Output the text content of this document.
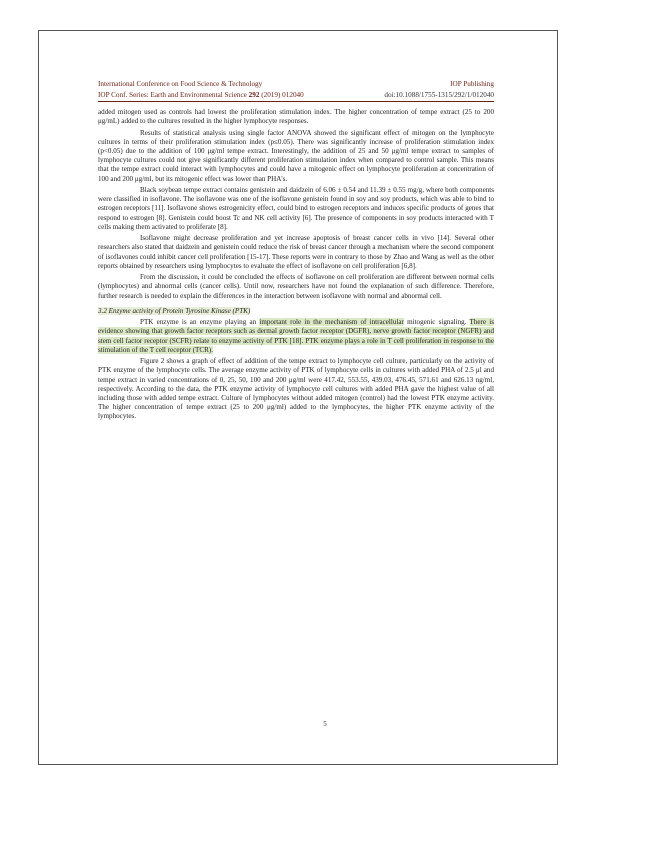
International Conference on Food Science & Technology	IOP Publishing
IOP Conf. Series: Earth and Environmental Science 292 (2019) 012040	doi:10.1088/1755-1315/292/1/012040

added mitogen used as controls had lowest the proliferation stimulation index. The higher concentration of tempe extract (25 to 200 μg/mL) added to the cultures resulted in the higher lymphocyte responses.

Results of statistical analysis using single factor ANOVA showed the significant effect of mitogen on the lymphocyte cultures in terms of their proliferation stimulation index (p≤0.05). There was significantly increase of proliferation stimulation index (p<0.05) due to the addition of 100 μg/ml tempe extract. Interestingly, the addition of 25 and 50 μg/ml tempe extract to samples of lymphocyte cultures could not give significantly different proliferation stimulation index when compared to control sample. This means that the tempe extract could interact with lymphocytes and could have a mitogenic effect on lymphocyte proliferation at concentration of 100 and 200 μg/ml, but its mitogenic effect was lower than PHA's.

Black soybean tempe extract contains genistein and daidzein of 6.06 ± 0.54 and 11.39 ± 0.55 mg/g, where both components were classified in isoflavone. The isoflavone was one of the isoflavone genistein found in soy and soy products, which was able to bind to estrogen receptors [11]. Isoflavone shows estrogenicity effect, could bind to estrogen receptors and induces specific products of genes that respond to estrogen [8]. Genistein could boost Tc and NK cell activity [6]. The presence of components in soy products interacted with T cells making them activated to proliferate [8].

Isoflavone might decrease proliferation and yet increase apoptosis of breast cancer cells in vivo [14]. Several other researchers also stated that daidzein and genistein could reduce the risk of breast cancer through a mechanism where the second component of isoflavones could inhibit cancer cell proliferation [15-17]. These reports were in contrary to those by Zhao and Wang as well as the other reports obtained by researchers using lymphocytes to evaluate the effect of isoflavone on cell proliferation [6,8].

From the discussion, it could be concluded the effects of isoflavone on cell proliferation are different between normal cells (lymphocytes) and abnormal cells (cancer cells). Until now, researchers have not found the explanation of such difference. Therefore, further research is needed to explain the differences in the interaction between isoflavone with normal and abnormal cell.

3.2 Enzyme activity of Protein Tyrosine Kinase (PTK)

PTK enzyme is an enzyme playing an important role in the mechanism of intracellular mitogenic signaling. There is evidence showing that growth factor receptors such as dermal growth factor receptor (DGFR), nerve growth factor receptor (NGFR) and stem cell factor receptor (SCFR) relate to enzyme activity of PTK [18]. PTK enzyme plays a role in T cell proliferation in response to the stimulation of the T cell receptor (TCR).

Figure 2 shows a graph of effect of addition of the tempe extract to lymphocyte cell culture, particularly on the activity of PTK enzyme of the lymphocyte cells. The average enzyme activity of PTK of lymphocyte cells in cultures with added PHA of 2.5 μl and tempe extract in varied concentrations of 0, 25, 50, 100 and 200 μg/ml were 417.42, 553.55, 439.03, 476.45, 571.61 and 626.13 ng/ml, respectively. According to the data, the PTK enzyme activity of lymphocyte cell cultures with added PHA gave the highest value of all including those with added tempe extract. Culture of lymphocytes without added mitogen (control) had the lowest PTK enzyme activity. The higher concentration of tempe extract (25 to 200 μg/ml) added to the lymphocytes, the higher PTK enzyme activity of the lymphocytes.

5
